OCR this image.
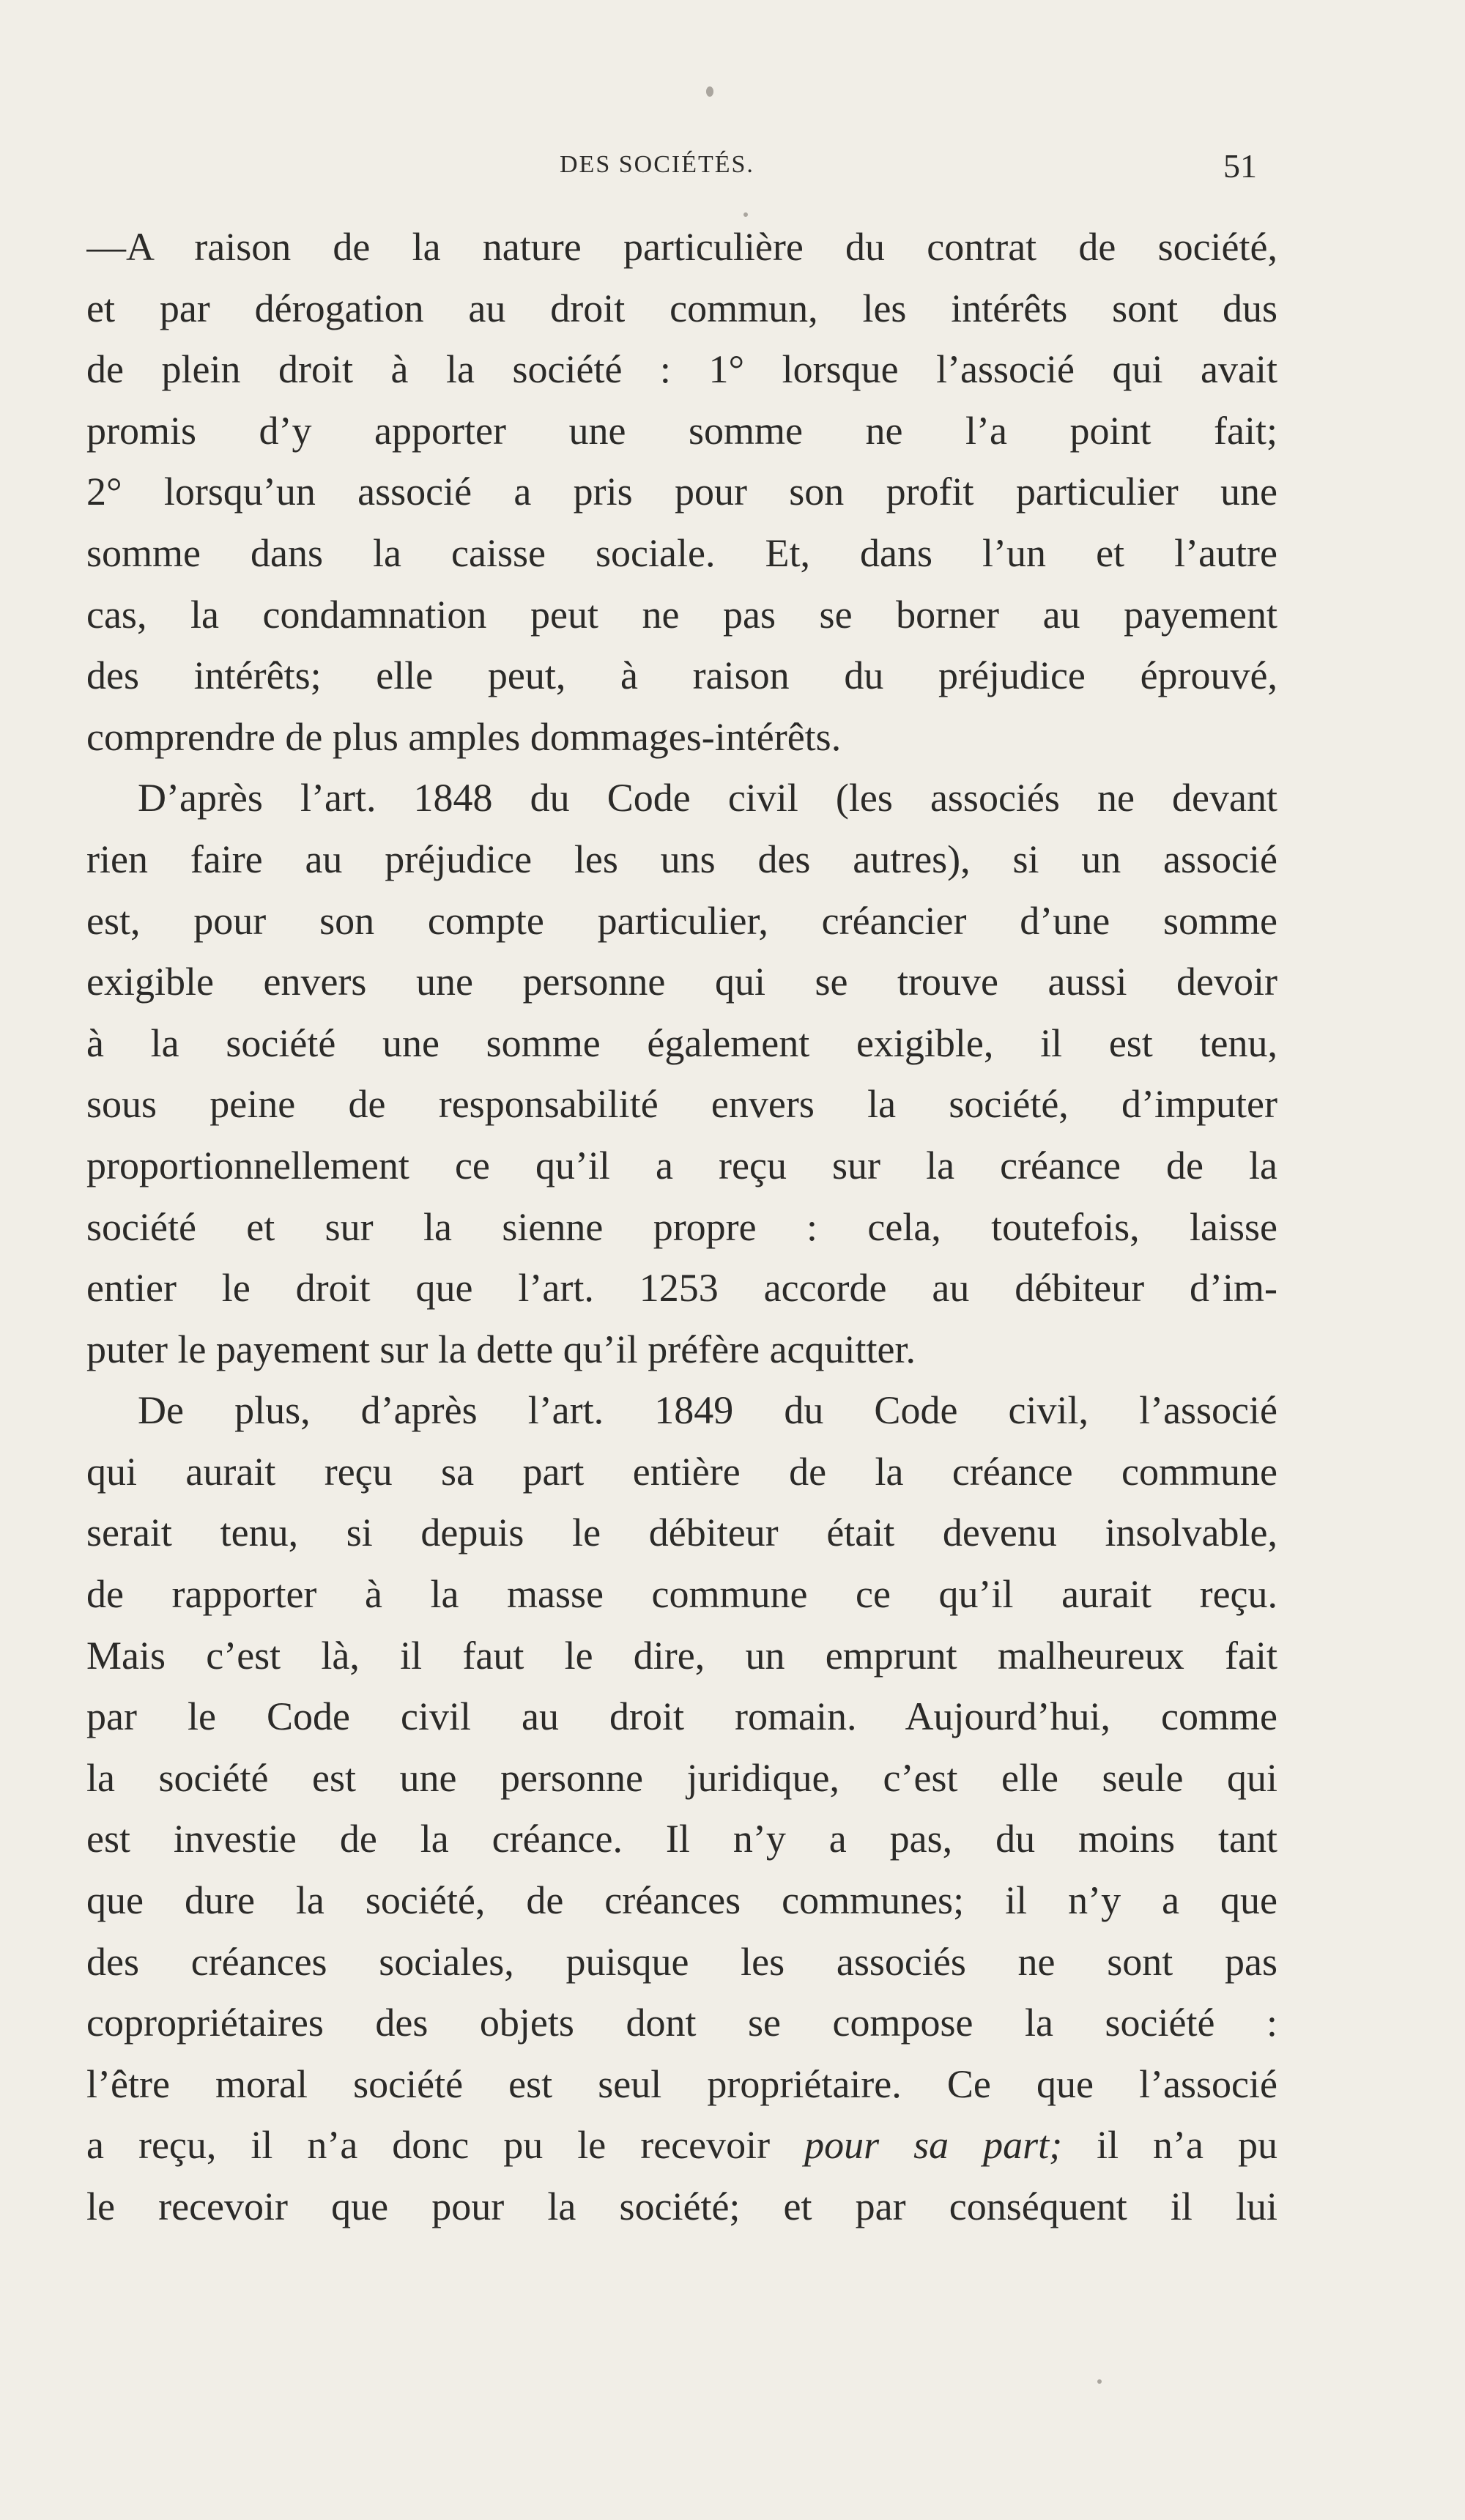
DES SOCIÉTÉS.	51
—A raison de la nature particulière du contrat de société,
et par dérogation au droit commun, les intérêts sont dus
de plein droit à la société : 1° lorsque l’associé qui avait
promis d’y apporter une somme ne l’a point fait;
2° lorsqu’un associé a pris pour son profit particulier une
somme dans la caisse sociale. Et, dans l’un et l’autre
cas, la condamnation peut ne pas se borner au payement
des intérêts; elle peut, à raison du préjudice éprouvé,
comprendre de plus amples dommages-intérêts.
D’après l’art. 1848 du Code civil (les associés ne devant
rien faire au préjudice les uns des autres), si un associé
est, pour son compte particulier, créancier d’une somme
exigible envers une personne qui se trouve aussi devoir
à la société une somme également exigible, il est tenu,
sous peine de responsabilité envers la société, d’imputer
proportionnellement ce qu’il a reçu sur la créance de la
société et sur la sienne propre : cela, toutefois, laisse
entier le droit que l’art. 1253 accorde au débiteur d’im-
puter le payement sur la dette qu’il préfère acquitter.
De plus, d’après l’art. 1849 du Code civil, l’associé
qui aurait reçu sa part entière de la créance commune
serait tenu, si depuis le débiteur était devenu insolvable,
de rapporter à la masse commune ce qu’il aurait reçu.
Mais c’est là, il faut le dire, un emprunt malheureux fait
par le Code civil au droit romain. Aujourd’hui, comme
la société est une personne juridique, c’est elle seule qui
est investie de la créance. Il n’y a pas, du moins tant
que dure la société, de créances communes; il n’y a que
des créances sociales, puisque les associés ne sont pas
copropriétaires des objets dont se compose la société :
l’être moral société est seul propriétaire. Ce que l’associé
a reçu, il n’a donc pu le recevoir pour sa part; il n’a pu
le recevoir que pour la société; et par conséquent il lui
